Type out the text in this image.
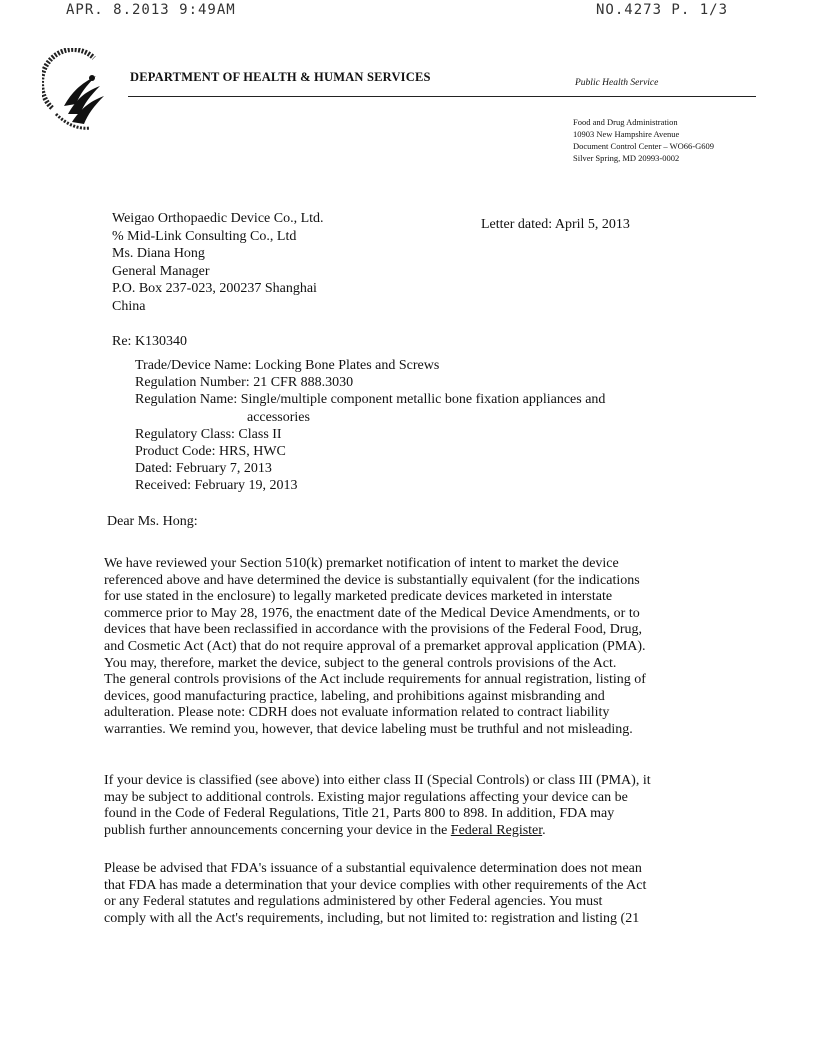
APR. 8.2013 9:49AM	NO.4273 P. 1/3
DEPARTMENT OF HEALTH & HUMAN SERVICES	Public Health Service
Food and Drug Administration
10903 New Hampshire Avenue
Document Control Center – WO66-G609
Silver Spring, MD 20993-0002
Weigao Orthopaedic Device Co., Ltd.
% Mid-Link Consulting Co., Ltd
Ms. Diana Hong
General Manager
P.O. Box 237-023, 200237 Shanghai
China
Letter dated: April 5, 2013
Re: K130340
Trade/Device Name: Locking Bone Plates and Screws
Regulation Number: 21 CFR 888.3030
Regulation Name: Single/multiple component metallic bone fixation appliances and
accessories
Regulatory Class: Class II
Product Code: HRS, HWC
Dated: February 7, 2013
Received: February 19, 2013
Dear Ms. Hong:
We have reviewed your Section 510(k) premarket notification of intent to market the device
referenced above and have determined the device is substantially equivalent (for the indications
for use stated in the enclosure) to legally marketed predicate devices marketed in interstate
commerce prior to May 28, 1976, the enactment date of the Medical Device Amendments, or to
devices that have been reclassified in accordance with the provisions of the Federal Food, Drug,
and Cosmetic Act (Act) that do not require approval of a premarket approval application (PMA).
You may, therefore, market the device, subject to the general controls provisions of the Act.
The general controls provisions of the Act include requirements for annual registration, listing of
devices, good manufacturing practice, labeling, and prohibitions against misbranding and
adulteration. Please note: CDRH does not evaluate information related to contract liability
warranties. We remind you, however, that device labeling must be truthful and not misleading.
If your device is classified (see above) into either class II (Special Controls) or class III (PMA), it
may be subject to additional controls. Existing major regulations affecting your device can be
found in the Code of Federal Regulations, Title 21, Parts 800 to 898. In addition, FDA may
publish further announcements concerning your device in the Federal Register.
Please be advised that FDA's issuance of a substantial equivalence determination does not mean
that FDA has made a determination that your device complies with other requirements of the Act
or any Federal statutes and regulations administered by other Federal agencies. You must
comply with all the Act's requirements, including, but not limited to: registration and listing (21
